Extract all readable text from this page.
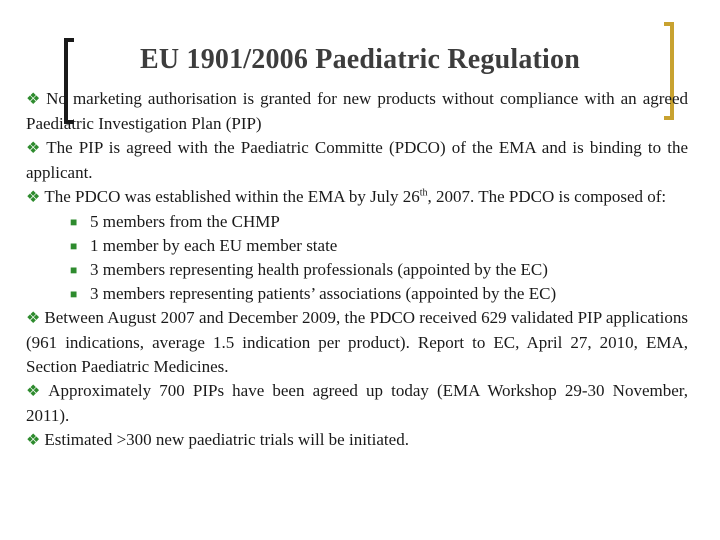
EU 1901/2006 Paediatric Regulation

❖ No marketing authorisation is granted for new products without compliance with an agreed Paediatric Investigation Plan (PIP)

❖ The PIP is agreed with the Paediatric Committe (PDCO) of the EMA and is binding to the applicant.

❖ The PDCO was established within the EMA by July 26th, 2007. The PDCO is composed of:

■ 5 members from the CHMP

■ 1 member by each EU member state

■ 3 members representing health professionals (appointed by the EC)

■ 3 members representing patients’ associations (appointed by the EC)

❖ Between August 2007 and December 2009, the PDCO received 629 validated PIP applications (961 indications, average 1.5 indication per product). Report to EC, April 27, 2010, EMA, Section Paediatric Medicines.

❖ Approximately 700 PIPs have been agreed up today (EMA Workshop 29-30 November, 2011).

❖ Estimated >300 new paediatric trials will be initiated.
